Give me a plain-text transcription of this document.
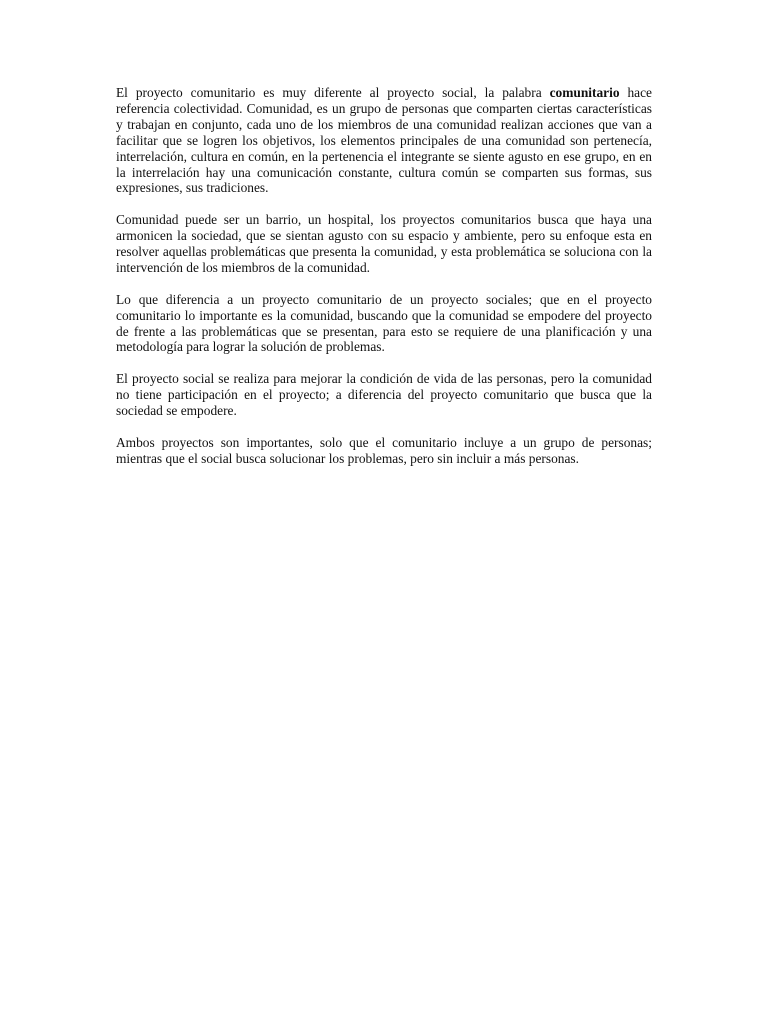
El proyecto comunitario es muy diferente al proyecto social, la palabra comunitario hace referencia colectividad. Comunidad, es un grupo de personas que comparten ciertas características y trabajan en conjunto, cada uno de los miembros de una comunidad realizan acciones que van a facilitar que se logren los objetivos, los elementos principales de una comunidad son pertenecía, interrelación, cultura en común, en la pertenencia el integrante se siente agusto en ese grupo, en en la interrelación hay una comunicación constante, cultura común se comparten sus formas, sus expresiones, sus tradiciones.

Comunidad puede ser un barrio, un hospital, los proyectos comunitarios busca que haya una armonicen la sociedad, que se sientan agusto con su espacio y ambiente, pero su enfoque esta en resolver aquellas problemáticas que presenta la comunidad, y esta problemática se soluciona con la intervención de los miembros de la comunidad.

Lo que diferencia a un proyecto comunitario de un proyecto sociales; que en el proyecto comunitario lo importante es la comunidad, buscando que la comunidad se empodere del proyecto de frente a las problemáticas que se presentan, para esto se requiere de una planificación y una metodología para lograr la solución de problemas.

El proyecto social se realiza para mejorar la condición de vida de las personas, pero la comunidad no tiene participación en el proyecto; a diferencia del proyecto comunitario que busca que la sociedad se empodere.

Ambos proyectos son importantes, solo que el comunitario incluye a un grupo de personas; mientras que el social busca solucionar los problemas, pero sin incluir a más personas.
